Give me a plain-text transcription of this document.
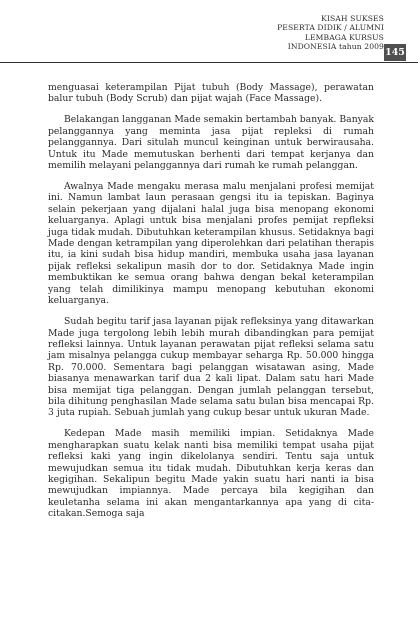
KISAH SUKSES
PESERTA DIDIK / ALUMNI
LEMBAGA KURSUS
INDONESIA tahun 2009
145

menguasai keterampilan Pijat tubuh (Body Massage), perawatan balur tubuh (Body Scrub) dan pijat wajah (Face Massage).

Belakangan langganan Made semakin bertambah banyak. Banyak pelanggannya yang meminta jasa pijat repleksi di rumah pelanggannya. Dari situlah muncul keinginan untuk berwirausaha. Untuk itu Made memutuskan berhenti dari tempat kerjanya dan memilih melayani pelanggannya dari rumah ke rumah pelanggan.

Awalnya Made mengaku merasa malu menjalani profesi memijat ini. Namun lambat laun perasaan gengsi itu ia tepiskan. Baginya selain pekerjaan yang dijalani halal juga bisa menopang ekonomi keluarganya. Aplagi untuk bisa menjalani profes pemijat repfleksi juga tidak mudah. Dibutuhkan keterampilan khusus. Setidaknya bagi Made dengan ketrampilan yang diperolehkan dari pelatihan therapis itu, ia kini sudah bisa hidup mandiri, membuka usaha jasa layanan pijak refleksi sekalipun masih dor to dor. Setidaknya Made ingin membuktikan ke semua orang bahwa dengan bekal keterampilan yang telah dimilikinya mampu menopang kebutuhan ekonomi keluarganya.

Sudah begitu tarif jasa layanan pijak refleksinya yang ditawarkan Made juga tergolong lebih lebih murah dibandingkan para pemijat refleksi lainnya. Untuk layanan perawatan pijat refleksi selama satu jam misalnya pelangga cukup membayar seharga Rp. 50.000 hingga Rp. 70.000. Sementara bagi pelanggan wisatawan asing, Made biasanya menawarkan tarif dua 2 kali lipat. Dalam satu hari Made bisa memijat tiga pelanggan. Dengan jumlah pelanggan tersebut, bila dihitung penghasilan Made selama satu bulan bisa mencapai Rp. 3 juta rupiah. Sebuah jumlah yang cukup besar untuk ukuran Made.

Kedepan Made masih memiliki impian. Setidaknya Made mengharapkan suatu kelak nanti bisa memiliki tempat usaha pijat refleksi kaki yang ingin dikelolanya sendiri. Tentu saja untuk mewujudkan semua itu tidak mudah. Dibutuhkan kerja keras dan kegigihan. Sekalipun begitu Made yakin suatu hari nanti ia bisa mewujudkan impiannya. Made percaya bila kegigihan dan keuletanha selama ini akan mengantarkannya apa yang di cita-citakan.Semoga saja
